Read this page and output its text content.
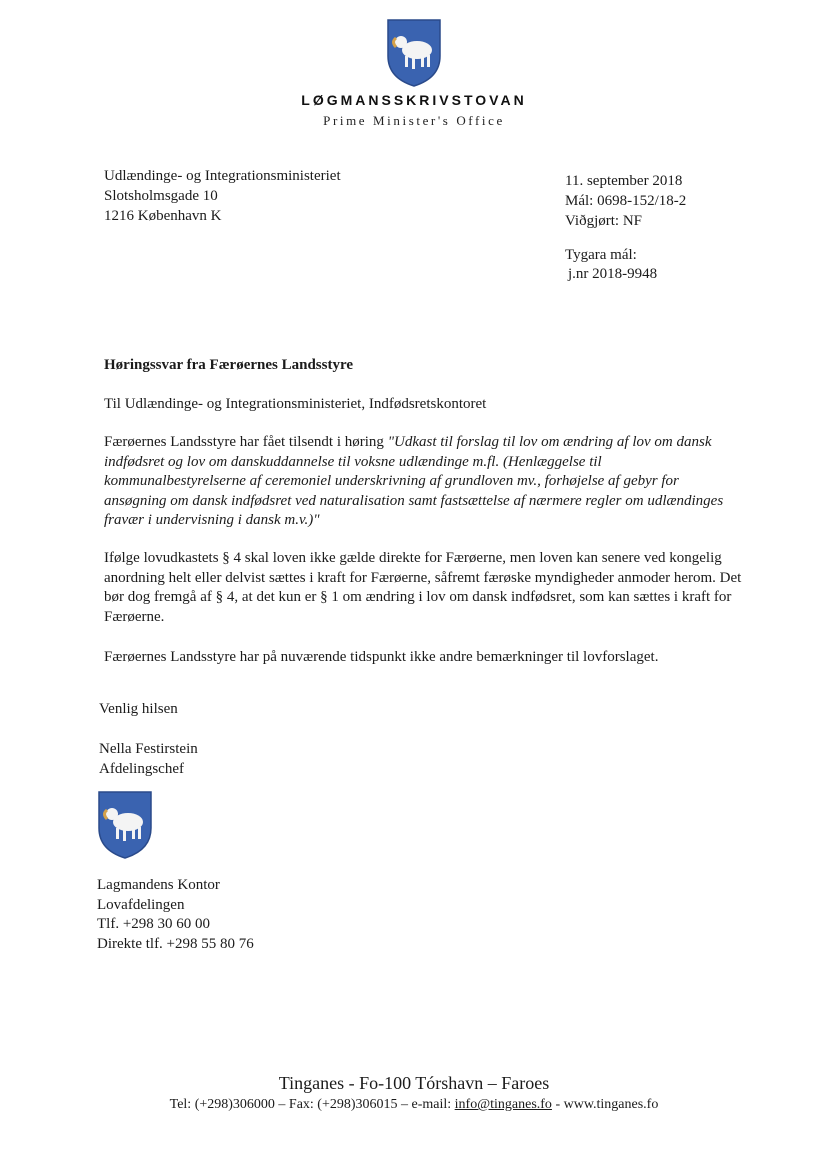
LØGMANSSKRIVSTOVAN
Prime Minister's Office
Udlændinge- og Integrationsministeriet
Slotsholmsgade 10
1216 København K
11. september 2018
Mál: 0698-152/18-2
Viðgjørt: NF
Tygara mál:
j.nr 2018-9948
Høringssvar fra Færøernes Landsstyre
Til Udlændinge- og Integrationsministeriet, Indfødsretskontoret
Færøernes Landsstyre har fået tilsendt i høring "Udkast til forslag til lov om ændring af lov om dansk indfødsret og lov om danskuddannelse til voksne udlændinge m.fl. (Henlæggelse til kommunalbestyrelserne af ceremoniel underskrivning af grundloven mv., forhøjelse af gebyr for ansøgning om dansk indfødsret ved naturalisation samt fastsættelse af nærmere regler om udlændinges fravær i undervisning i dansk m.v.)"
Ifølge lovudkastets § 4 skal loven ikke gælde direkte for Færøerne, men loven kan senere ved kongelig anordning helt eller delvist sættes i kraft for Færøerne, såfremt færøske myndigheder anmoder herom. Det bør dog fremgå af § 4, at det kun er § 1 om ændring i lov om dansk indfødsret, som kan sættes i kraft for Færøerne.
Færøernes Landsstyre har på nuværende tidspunkt ikke andre bemærkninger til lovforslaget.
Venlig hilsen
Nella Festirstein
Afdelingschef
Lagmandens Kontor
Lovafdelingen
Tlf. +298 30 60 00
Direkte tlf. +298 55 80 76
Tinganes - Fo-100 Tórshavn – Faroes
Tel: (+298)306000 – Fax: (+298)306015 – e-mail: info@tinganes.fo - www.tinganes.fo
